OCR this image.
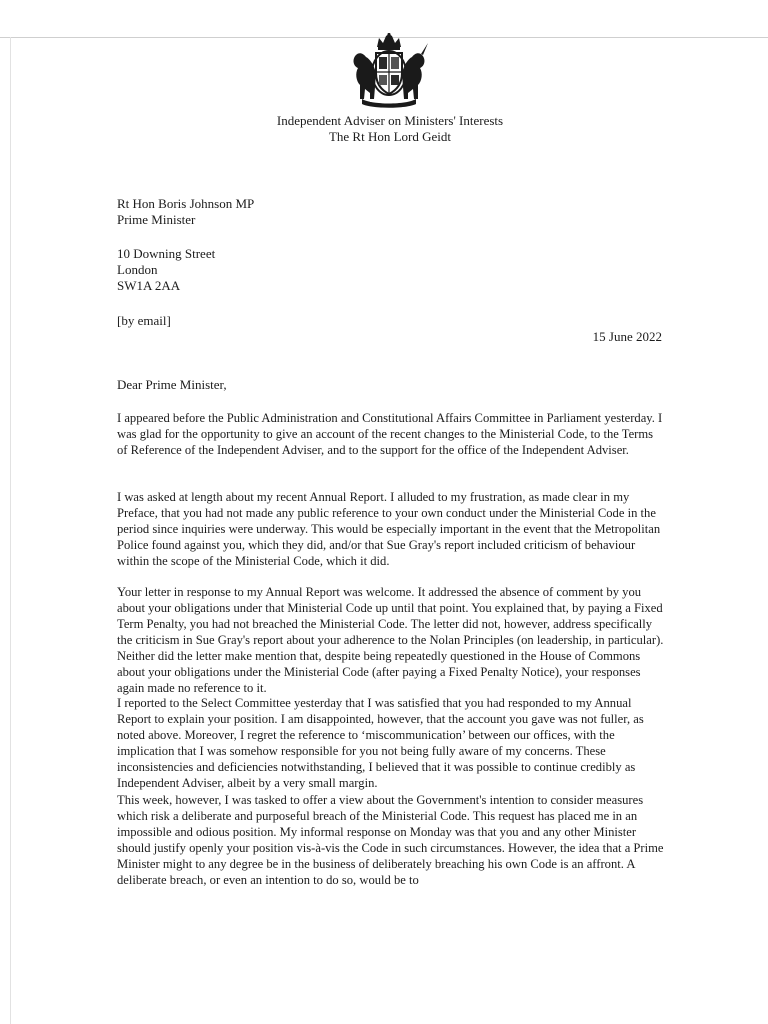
Independent Adviser on Ministers' Interests
The Rt Hon Lord Geidt
Rt Hon Boris Johnson MP
Prime Minister
10 Downing Street
London
SW1A 2AA
[by email]
15 June 2022
Dear Prime Minister,

I appeared before the Public Administration and Constitutional Affairs Committee in Parliament yesterday. I was glad for the opportunity to give an account of the recent changes to the Ministerial Code, to the Terms of Reference of the Independent Adviser, and to the support for the office of the Independent Adviser.

I was asked at length about my recent Annual Report. I alluded to my frustration, as made clear in my Preface, that you had not made any public reference to your own conduct under the Ministerial Code in the period since inquiries were underway. This would be especially important in the event that the Metropolitan Police found against you, which they did, and/or that Sue Gray's report included criticism of behaviour within the scope of the Ministerial Code, which it did.

Your letter in response to my Annual Report was welcome. It addressed the absence of comment by you about your obligations under that Ministerial Code up until that point. You explained that, by paying a Fixed Term Penalty, you had not breached the Ministerial Code. The letter did not, however, address specifically the criticism in Sue Gray's report about your adherence to the Nolan Principles (on leadership, in particular). Neither did the letter make mention that, despite being repeatedly questioned in the House of Commons about your obligations under the Ministerial Code (after paying a Fixed Penalty Notice), your responses again made no reference to it.

I reported to the Select Committee yesterday that I was satisfied that you had responded to my Annual Report to explain your position. I am disappointed, however, that the account you gave was not fuller, as noted above. Moreover, I regret the reference to ‘miscommunication’ between our offices, with the implication that I was somehow responsible for you not being fully aware of my concerns. These inconsistencies and deficiencies notwithstanding, I believed that it was possible to continue credibly as Independent Adviser, albeit by a very small margin.

This week, however, I was tasked to offer a view about the Government's intention to consider measures which risk a deliberate and purposeful breach of the Ministerial Code. This request has placed me in an impossible and odious position. My informal response on Monday was that you and any other Minister should justify openly your position vis-à-vis the Code in such circumstances. However, the idea that a Prime Minister might to any degree be in the business of deliberately breaching his own Code is an affront. A deliberate breach, or even an intention to do so, would be to
